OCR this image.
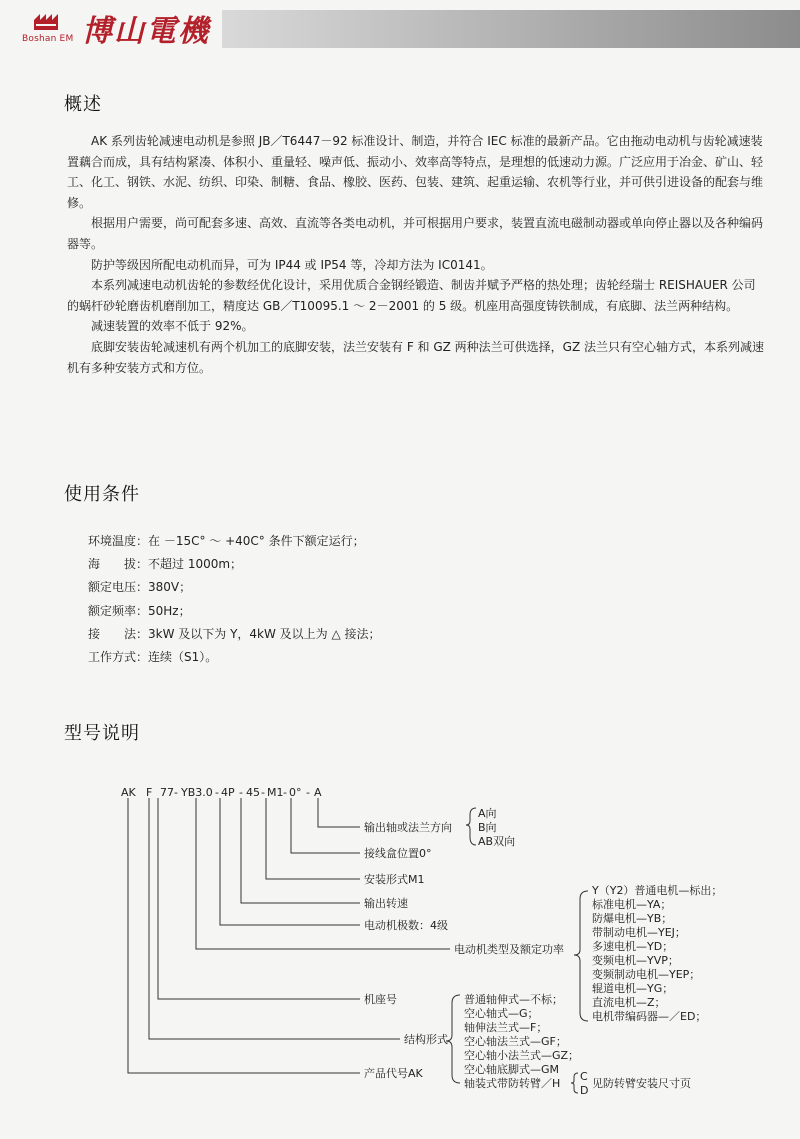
Boshan EM 博山電機
概述

AK 系列齿轮减速电动机是参照 JB／T6447－92 标准设计、制造，并符合 IEC 标准的最新产品。它由拖动电动机与齿轮减速装置藕合而成，具有结构紧凑、体积小、重量轻、噪声低、振动小、效率高等特点，是理想的低速动力源。广泛应用于冶金、矿山、轻工、化工、钢铁、水泥、纺织、印染、制糖、食品、橡胶、医药、包装、建筑、起重运输、农机等行业，并可供引进设备的配套与维修。

根据用户需要，尚可配套多速、高效、直流等各类电动机，并可根据用户要求，装置直流电磁制动器或单向停止器以及各种编码器等。

防护等级因所配电动机而异，可为 IP44 或 IP54 等，冷却方法为 IC0141。

本系列减速电动机齿轮的参数经优化设计，采用优质合金钢经锻造、制齿并赋予严格的热处理；齿轮经瑞士 REISHAUER 公司的蜗杆砂轮磨齿机磨削加工，精度达 GB／T10095.1 ～ 2－2001 的 5 级。机座用高强度铸铁制成，有底脚、法兰两种结构。

减速装置的效率不低于 92%。

底脚安装齿轮减速机有两个机加工的底脚安装，法兰安装有 F 和 GZ 两种法兰可供选择，GZ 法兰只有空心轴方式，本系列减速机有多种安装方式和方位。

使用条件
环境温度：在 －15C° ～ +40C° 条件下额定运行；
海　　拔：不超过 1000m；
额定电压：380V；
额定频率：50Hz；
接　　法：3kW 及以下为 Y，4kW 及以上为 △ 接法；
工作方式：连续（S1）。
型号说明
AK F 77 - YB3.0 - 4P - 45 - M1 - 0° - A
输出轴或法兰方向
接线盒位置0°
安装形式M1
输出转速
电动机极数：4级
电动机类型及额定功率
机座号
结构形式
产品代号AK
A向
B向
AB双向
Y（Y2）普通电机—标出；
标准电机—YA；
防爆电机—YB；
带制动电机—YEJ；
多速电机—YD；
变频电机—YVP；
变频制动电机—YEP；
辊道电机—YG；
直流电机—Z；
电机带编码器—／ED；
普通轴伸式—不标；
空心轴式—G；
轴伸法兰式—F；
空心轴法兰式—GF；
空心轴小法兰式—GZ；
空心轴底脚式—GM
轴装式带防转臂／H
C
D
见防转臂安装尺寸页
